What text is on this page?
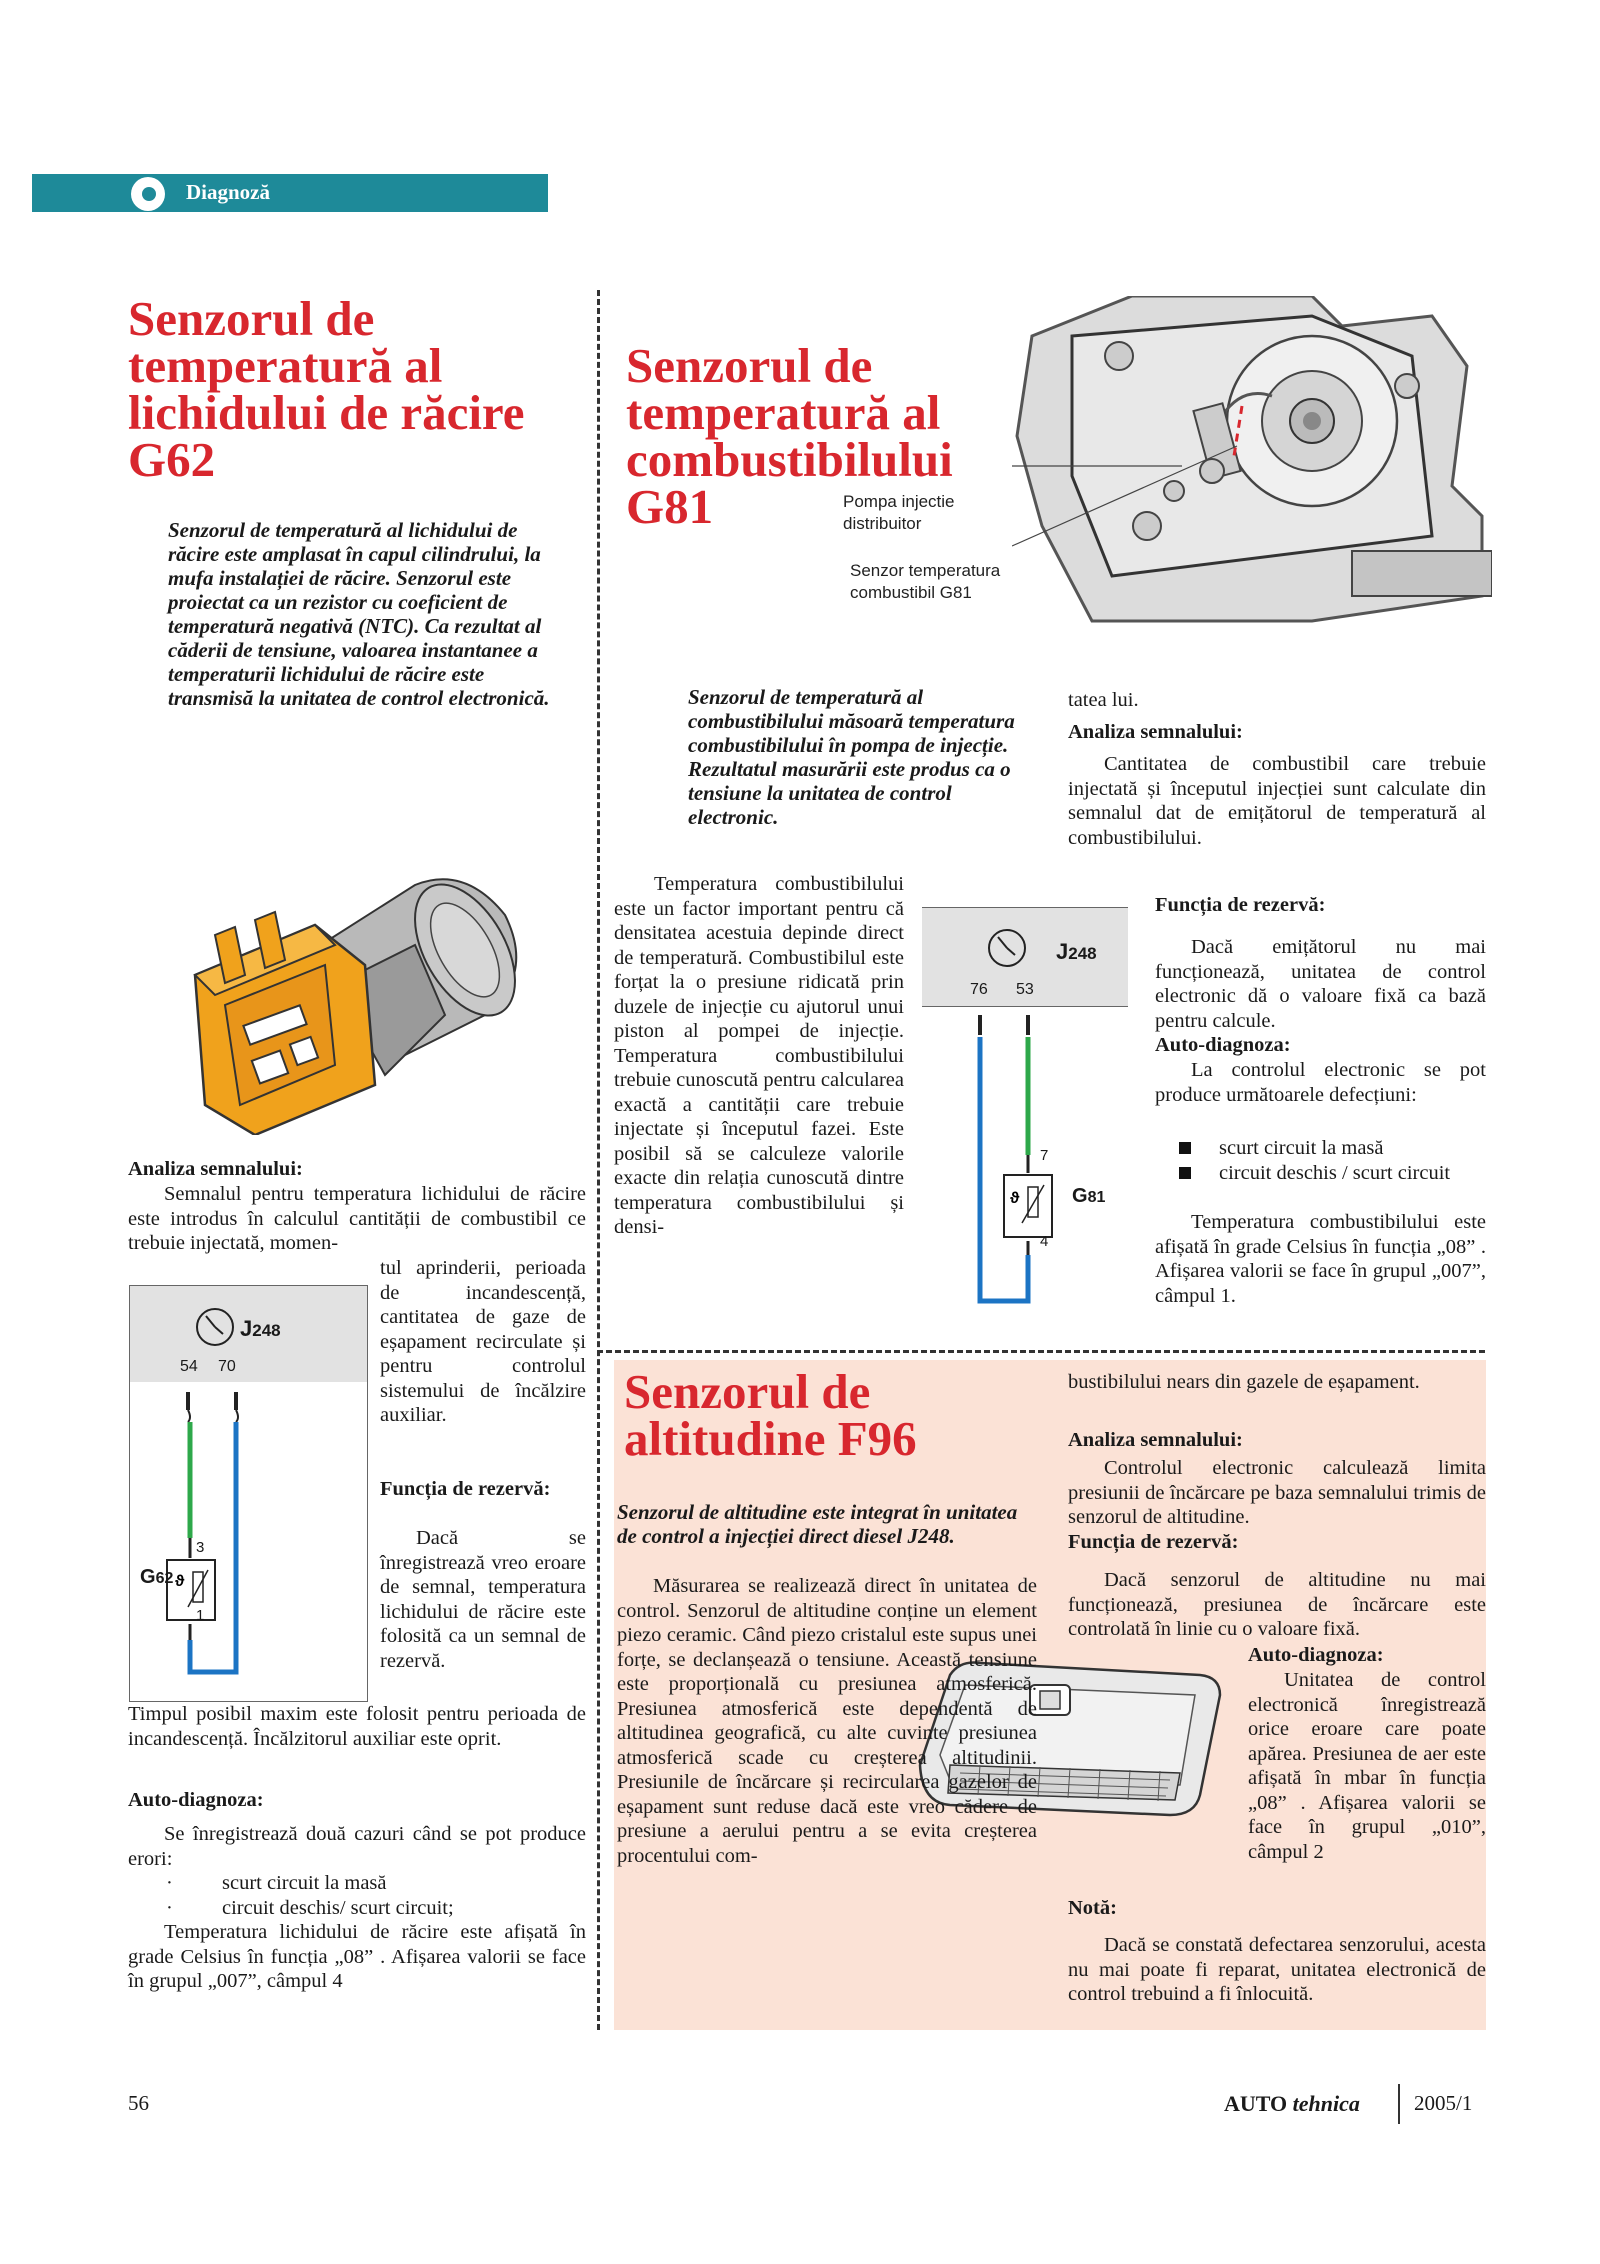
Diagnoză
Senzorul de temperatură al lichidului de răcire G62
Senzorul de temperatură al lichidului de răcire este amplasat în capul cilindrului, la mufa instalației de răcire. Senzorul este proiectat ca un rezistor cu coeficient de temperatură negativă (NTC). Ca rezultat al căderii de tensiune, valoarea instantanee a temperaturii lichidului de răcire este transmisă la unitatea de control electronică.
Analiza semnalului:
Semnalul pentru temperatura lichidului de răcire este introdus în calculul cantității de combustibil ce trebuie injectată, momen-
tul aprinderii, perioada de incandescență, cantitatea de gaze de eșapament recirculate și pentru controlul sistemului de încălzire auxiliar.
J248
54 70
ϑ
3
1
G62
Funcția de rezervă:
Dacă se înregistrează vreo eroare de semnal, temperatura lichidului de răcire este folosită ca un semnal de rezervă.
Timpul posibil maxim este folosit pentru perioada de incandescență. Încălzitorul auxiliar este oprit.
Auto-diagnoza:
Se înregistrează două cazuri când se pot produce erori:
· scurt circuit la masă
· circuit deschis/ scurt circuit;
Temperatura lichidului de răcire este afișată în grade Celsius în funcția „08” . Afișarea valorii se face în grupul „007”, câmpul 4
Senzorul de temperatură al combustibilului G81	Pompa injectie distribuitor
Senzor temperatura combustibil G81
Senzorul de temperatură al combustibilului măsoară temperatura combustibilului în pompa de injecție. Rezultatul masurării este produs ca o tensiune la unitatea de control electronic.
Temperatura combustibilului este un factor important pentru că densitatea acestuia depinde direct de temperatură. Combustibilul este forțat la o presiune ridicată prin duzele de injecție cu ajutorul unui piston al pompei de injecție. Temperatura combustibilului trebuie cunoscută pentru calcularea exactă a cantității care trebuie injectate și începutul fazei. Este posibil să se calculeze valorile exacte din relația cunoscută dintre temperatura combustibilului și densi-
J248
76 53
ϑ
7
4
G81
tatea lui.
Analiza semnalului:
Cantitatea de combustibil care trebuie injectată și începutul injecției sunt calculate din semnalul dat de emițătorul de temperatură al combustibilului.
Funcția de rezervă:
Dacă emițătorul nu mai funcționează, unitatea de control electronic dă o valoare fixă ca bază pentru calcule.
Auto-diagnoza:
La controlul electronic se pot produce următoarele defecțiuni:
scurt circuit la masă
circuit deschis / scurt circuit
Temperatura combustibilului este afișată în grade Celsius în funcția „08” . Afișarea valorii se face în grupul „007”, câmpul 1.
Senzorul de altitudine F96
Senzorul de altitudine este integrat în unitatea de control a injecției direct diesel J248.
Măsurarea se realizează direct în unitatea de control. Senzorul de altitudine conține un element piezo ceramic. Când piezo cristalul este supus unei forțe, se declanșează o tensiune. Această tensiune este proporțională cu presiunea atmosferică. Presiunea atmosferică este dependentă de altitudinea geografică, cu alte cuvinte presiunea atmosferică scade cu creșterea altitudinii. Presiunile de încărcare și recircularea gazelor de eșapament sunt reduse dacă este vreo cădere de presiune a aerului pentru a se evita creșterea procentului com-
bustibilului nears din gazele de eșapament.
Analiza semnalului:
Controlul electronic calculează limita presiunii de încărcare pe baza semnalului trimis de senzorul de altitudine.
Funcția de rezervă:
Dacă senzorul de altitudine nu mai funcționează, presiunea de încărcare este controlată în linie cu o valoare fixă.
Auto-diagnoza:
Unitatea de control electronică înregistrează orice eroare care poate apărea. Presiunea de aer este afișată în mbar în funcția „08” . Afișarea valorii se face în grupul „010”, câmpul 2
Notă:
Dacă se constată defectarea senzorului, acesta nu mai poate fi reparat, unitatea electronică de control trebuind a fi înlocuită.
56	AUTO tehnica	2005/1
